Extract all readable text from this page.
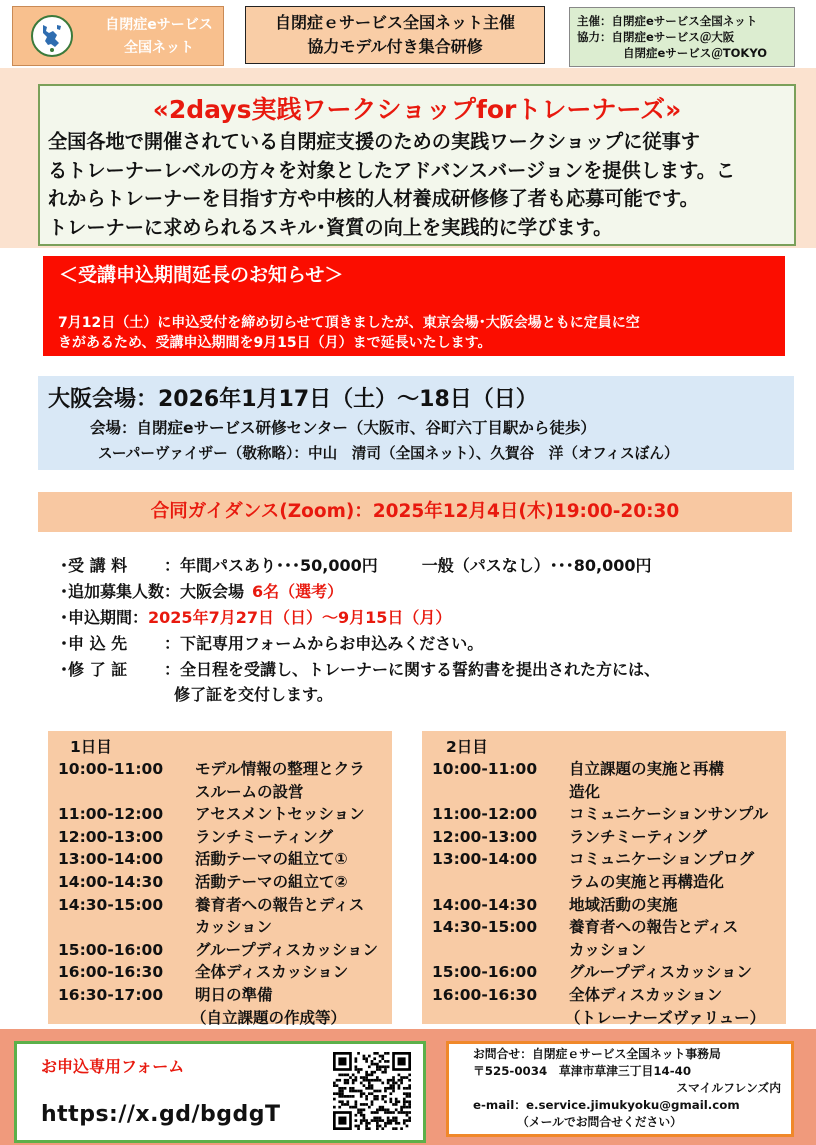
自閉症eサービス
全国ネット
自閉症ｅサービス全国ネット主催
協力モデル付き集合研修
主催：自閉症eサービス全国ネット
協力：自閉症eサービス＠大阪
自閉症eサービス＠TOKYO
«2days実践ワークショップforトレーナーズ»
全国各地で開催されている自閉症支援のための実践ワークショップに従事す
るトレーナーレベルの方々を対象としたアドバンスバージョンを提供します。こ
れからトレーナーを目指す方や中核的人材養成研修修了者も応募可能です。
トレーナーに求められるスキル･資質の向上を実践的に学びます。
＜受講申込期間延長のお知らせ＞
7月12日（土）に申込受付を締め切らせて頂きましたが、東京会場･大阪会場ともに定員に空
きがあるため、受講申込期間を9月15日（月）まで延長いたします。
大阪会場：2026年1月17日（土）～18日（日）
会場：自閉症eサービス研修センター（大阪市、谷町六丁目駅から徒歩）
スーパーヴァイザー（敬称略）：中山　清司（全国ネット）、久賀谷　洋（オフィスぼん）
合同ガイダンス(Zoom)：2025年12月4日(木)19:00-20:30
･受 講 料 ：年間パスあり･･･50,000円	一般（パスなし）･･･80,000円
･追加募集人数：大阪会場 6名（選考）
･申込期間：2025年7月27日（日）～9月15日（月）
･申 込 先 ：下記専用フォームからお申込みください。
･修 了 証 ：全日程を受講し、トレーナーに関する誓約書を提出された方には、
修了証を交付します。
1日目
10:00-11:00	モデル情報の整理とクラ
スルームの設営
11:00-12:00	アセスメントセッション
12:00-13:00	ランチミーティング
13:00-14:00	活動テーマの組立て①
14:00-14:30	活動テーマの組立て②
14:30-15:00	養育者への報告とディス
カッション
15:00-16:00	グループディスカッション
16:00-16:30	全体ディスカッション
16:30-17:00	明日の準備
（自立課題の作成等）
2日目
10:00-11:00	自立課題の実施と再構
造化
11:00-12:00	コミュニケーションサンプル
12:00-13:00	ランチミーティング
13:00-14:00	コミュニケーションプログ
ラムの実施と再構造化
14:00-14:30	地域活動の実施
14:30-15:00	養育者への報告とディス
カッション
15:00-16:00	グループディスカッション
16:00-16:30	全体ディスカッション
（トレーナーズヴァリュー）
お申込専用フォーム
https://x.gd/bgdgT
お問合せ：自閉症ｅサービス全国ネット事務局
〒525-0034　草津市草津三丁目14-40
スマイルフレンズ内
e-mail：e.service.jimukyoku@gmail.com
（メールでお問合せください）
